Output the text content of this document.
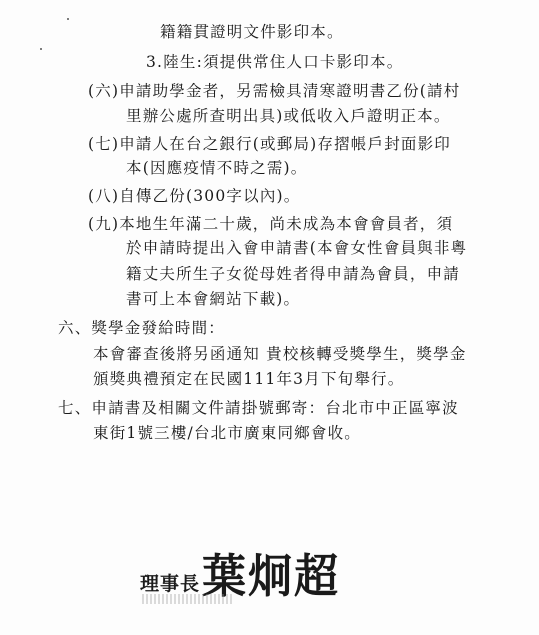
籍籍貫證明文件影印本。
3.陸生:須提供常住人口卡影印本。
(六)申請助學金者，另需檢具清寒證明書乙份(請村
里辦公處所查明出具)或低收入戶證明正本。
(七)申請人在台之銀行(或郵局)存摺帳戶封面影印
本(因應疫情不時之需)。
(八)自傳乙份(300字以內)。
(九)本地生年滿二十歲，尚未成為本會會員者，須
於申請時提出入會申請書(本會女性會員與非粵
籍丈夫所生子女從母姓者得申請為會員，申請
書可上本會網站下載)。
六、獎學金發給時間：
本會審查後將另函通知 貴校核轉受獎學生，獎學金
頒獎典禮預定在民國111年3月下旬舉行。
七、申請書及相關文件請掛號郵寄：台北市中正區寧波
東街1號三樓/台北市廣東同鄉會收。
理事長 葉炯超
